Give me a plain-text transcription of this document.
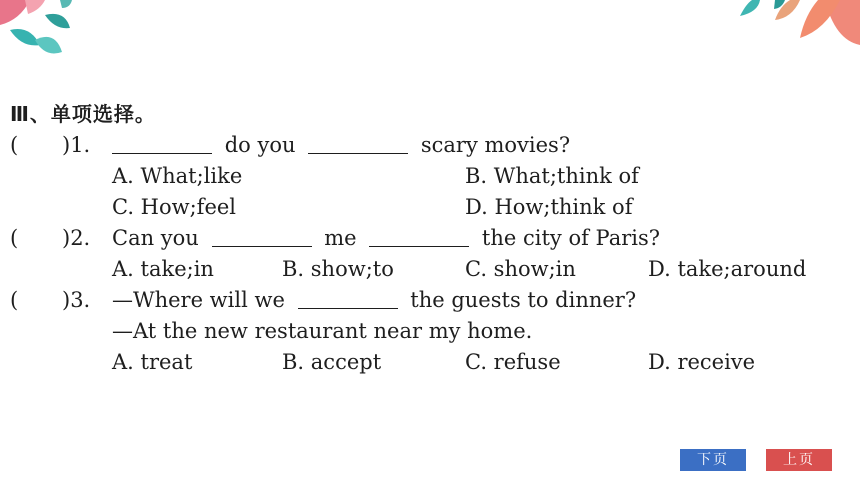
Ⅲ、单项选择。
(	)1.	do you	scary movies?
A. What;like	B. What;think of
C. How;feel	D. How;think of
(	)2. Can you	me	the city of Paris?
A. take;in	B. show;to	C. show;in	D. take;around
(	)3. —Where will we	the guests to dinner?
—At the new restaurant near my home.
A. treat	B. accept	C. refuse	D. receive
下页	上页
